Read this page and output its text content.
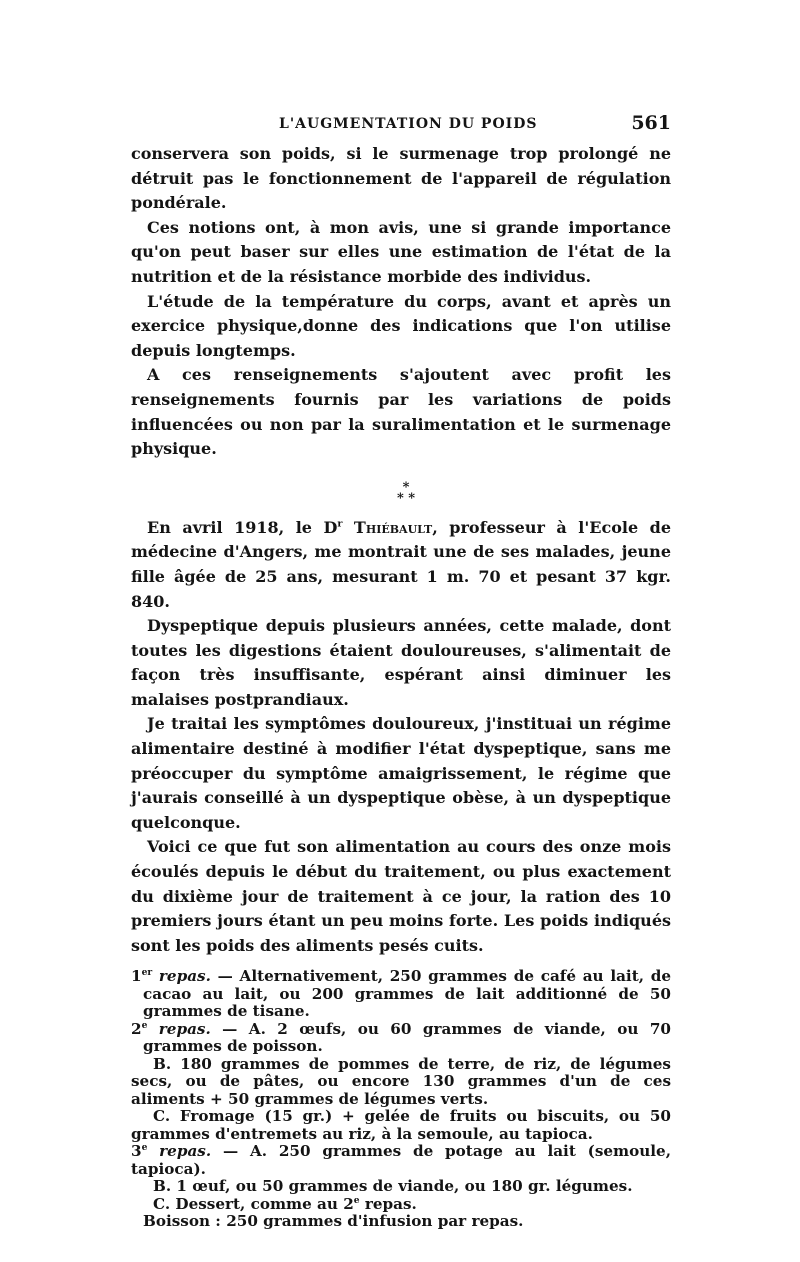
L'AUGMENTATION DU POIDS	561

conservera son poids, si le surmenage trop prolongé ne détruit pas le fonctionnement de l'appareil de régulation pondérale.

Ces notions ont, à mon avis, une si grande importance qu'on peut baser sur elles une estimation de l'état de la nutrition et de la résistance morbide des individus.

L'étude de la température du corps, avant et après un exercice physique,donne des indications que l'on utilise depuis longtemps.

A ces renseignements s'ajoutent avec profit les renseignements fournis par les variations de poids influencées ou non par la suralimentation et le surmenage physique.

*
* *

En avril 1918, le $D^r$ Thiébault, professeur à l'Ecole de médecine d'Angers, me montrait une de ses malades, jeune fille âgée de 25 ans, mesurant 1 m. 70 et pesant 37 kgr. 840.

Dyspeptique depuis plusieurs années, cette malade, dont toutes les digestions étaient douloureuses, s'alimentait de façon très insuffisante, espérant ainsi diminuer les malaises postprandiaux.

Je traitai les symptômes douloureux, j'instituai un régime alimentaire destiné à modifier l'état dyspeptique, sans me préoccuper du symptôme amaigrissement, le régime que j'aurais conseillé à un dyspeptique obèse, à un dyspeptique quelconque.

Voici ce que fut son alimentation au cours des onze mois écoulés depuis le début du traitement, ou plus exactement du dixième jour de traitement à ce jour, la ration des 10 premiers jours étant un peu moins forte. Les poids indiqués sont les poids des aliments pesés cuits.

1er repas. — Alternativement, 250 grammes de café au lait, de cacao au lait, ou 200 grammes de lait additionné de 50 grammes de tisane.

2e repas. — A. 2 œufs, ou 60 grammes de viande, ou 70 grammes de poisson.

B. 180 grammes de pommes de terre, de riz, de légumes secs, ou de pâtes, ou encore 130 grammes d'un de ces aliments + 50 grammes de légumes verts.

C. Fromage (15 gr.) + gelée de fruits ou biscuits, ou 50 grammes d'entremets au riz, à la semoule, au tapioca.

3e repas. — A. 250 grammes de potage au lait (semoule, tapioca).

B. 1 œuf, ou 50 grammes de viande, ou 180 gr. légumes.

C. Dessert, comme au 2e repas.

Boisson : 250 grammes d'infusion par repas.
